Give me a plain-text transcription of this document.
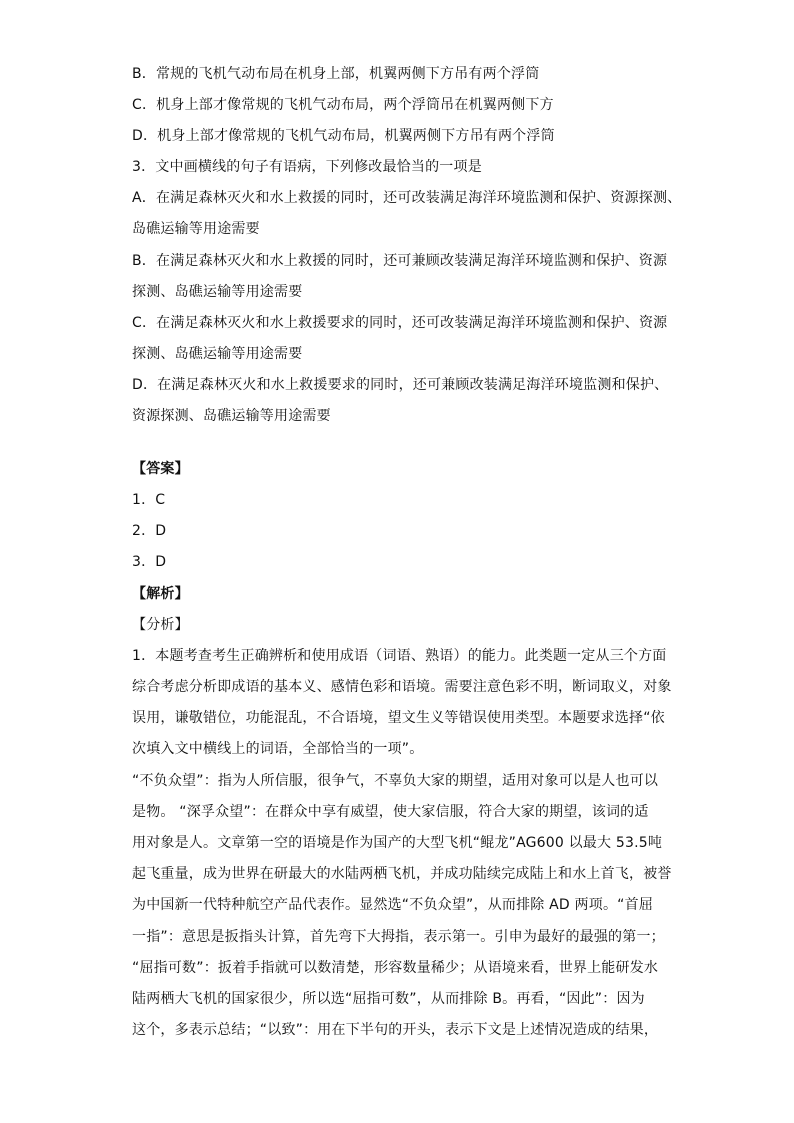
B．常规的飞机气动布局在机身上部，机翼两侧下方吊有两个浮筒
C．机身上部才像常规的飞机气动布局，两个浮筒吊在机翼两侧下方
D．机身上部才像常规的飞机气动布局，机翼两侧下方吊有两个浮筒
3．文中画横线的句子有语病，下列修改最恰当的一项是
A．在满足森林灭火和水上救援的同时，还可改装满足海洋环境监测和保护、资源探测、
岛礁运输等用途需要
B．在满足森林灭火和水上救援的同时，还可兼顾改装满足海洋环境监测和保护、资源
探测、岛礁运输等用途需要
C．在满足森林灭火和水上救援要求的同时，还可改装满足海洋环境监测和保护、资源
探测、岛礁运输等用途需要
D．在满足森林灭火和水上救援要求的同时，还可兼顾改装满足海洋环境监测和保护、
资源探测、岛礁运输等用途需要
【答案】
1．C
2．D
3．D
【解析】
【分析】
1．本题考查考生正确辨析和使用成语（词语、熟语）的能力。此类题一定从三个方面
综合考虑分析即成语的基本义、感情色彩和语境。需要注意色彩不明，断词取义，对象
误用，谦敬错位，功能混乱，不合语境，望文生义等错误使用类型。本题要求选择“依
次填入文中横线上的词语，全部恰当的一项”。
“不负众望”：指为人所信服，很争气，不辜负大家的期望，适用对象可以是人也可以
是物。 “深孚众望”：在群众中享有威望，使大家信服，符合大家的期望，该词的适
用对象是人。文章第一空的语境是作为国产的大型飞机“鲲龙”AG600 以最大 53.5吨
起飞重量，成为世界在研最大的水陆两栖飞机，并成功陆续完成陆上和水上首飞，被誉
为中国新一代特种航空产品代表作。显然选“不负众望”，从而排除 AD 两项。“首屈
一指”：意思是扳指头计算，首先弯下大拇指，表示第一。引申为最好的最强的第一；
“屈指可数”：扳着手指就可以数清楚，形容数量稀少；从语境来看，世界上能研发水
陆两栖大飞机的国家很少，所以选“屈指可数”，从而排除 B。再看，“因此”：因为
这个，多表示总结；“以致”：用在下半句的开头，表示下文是上述情况造成的结果，
